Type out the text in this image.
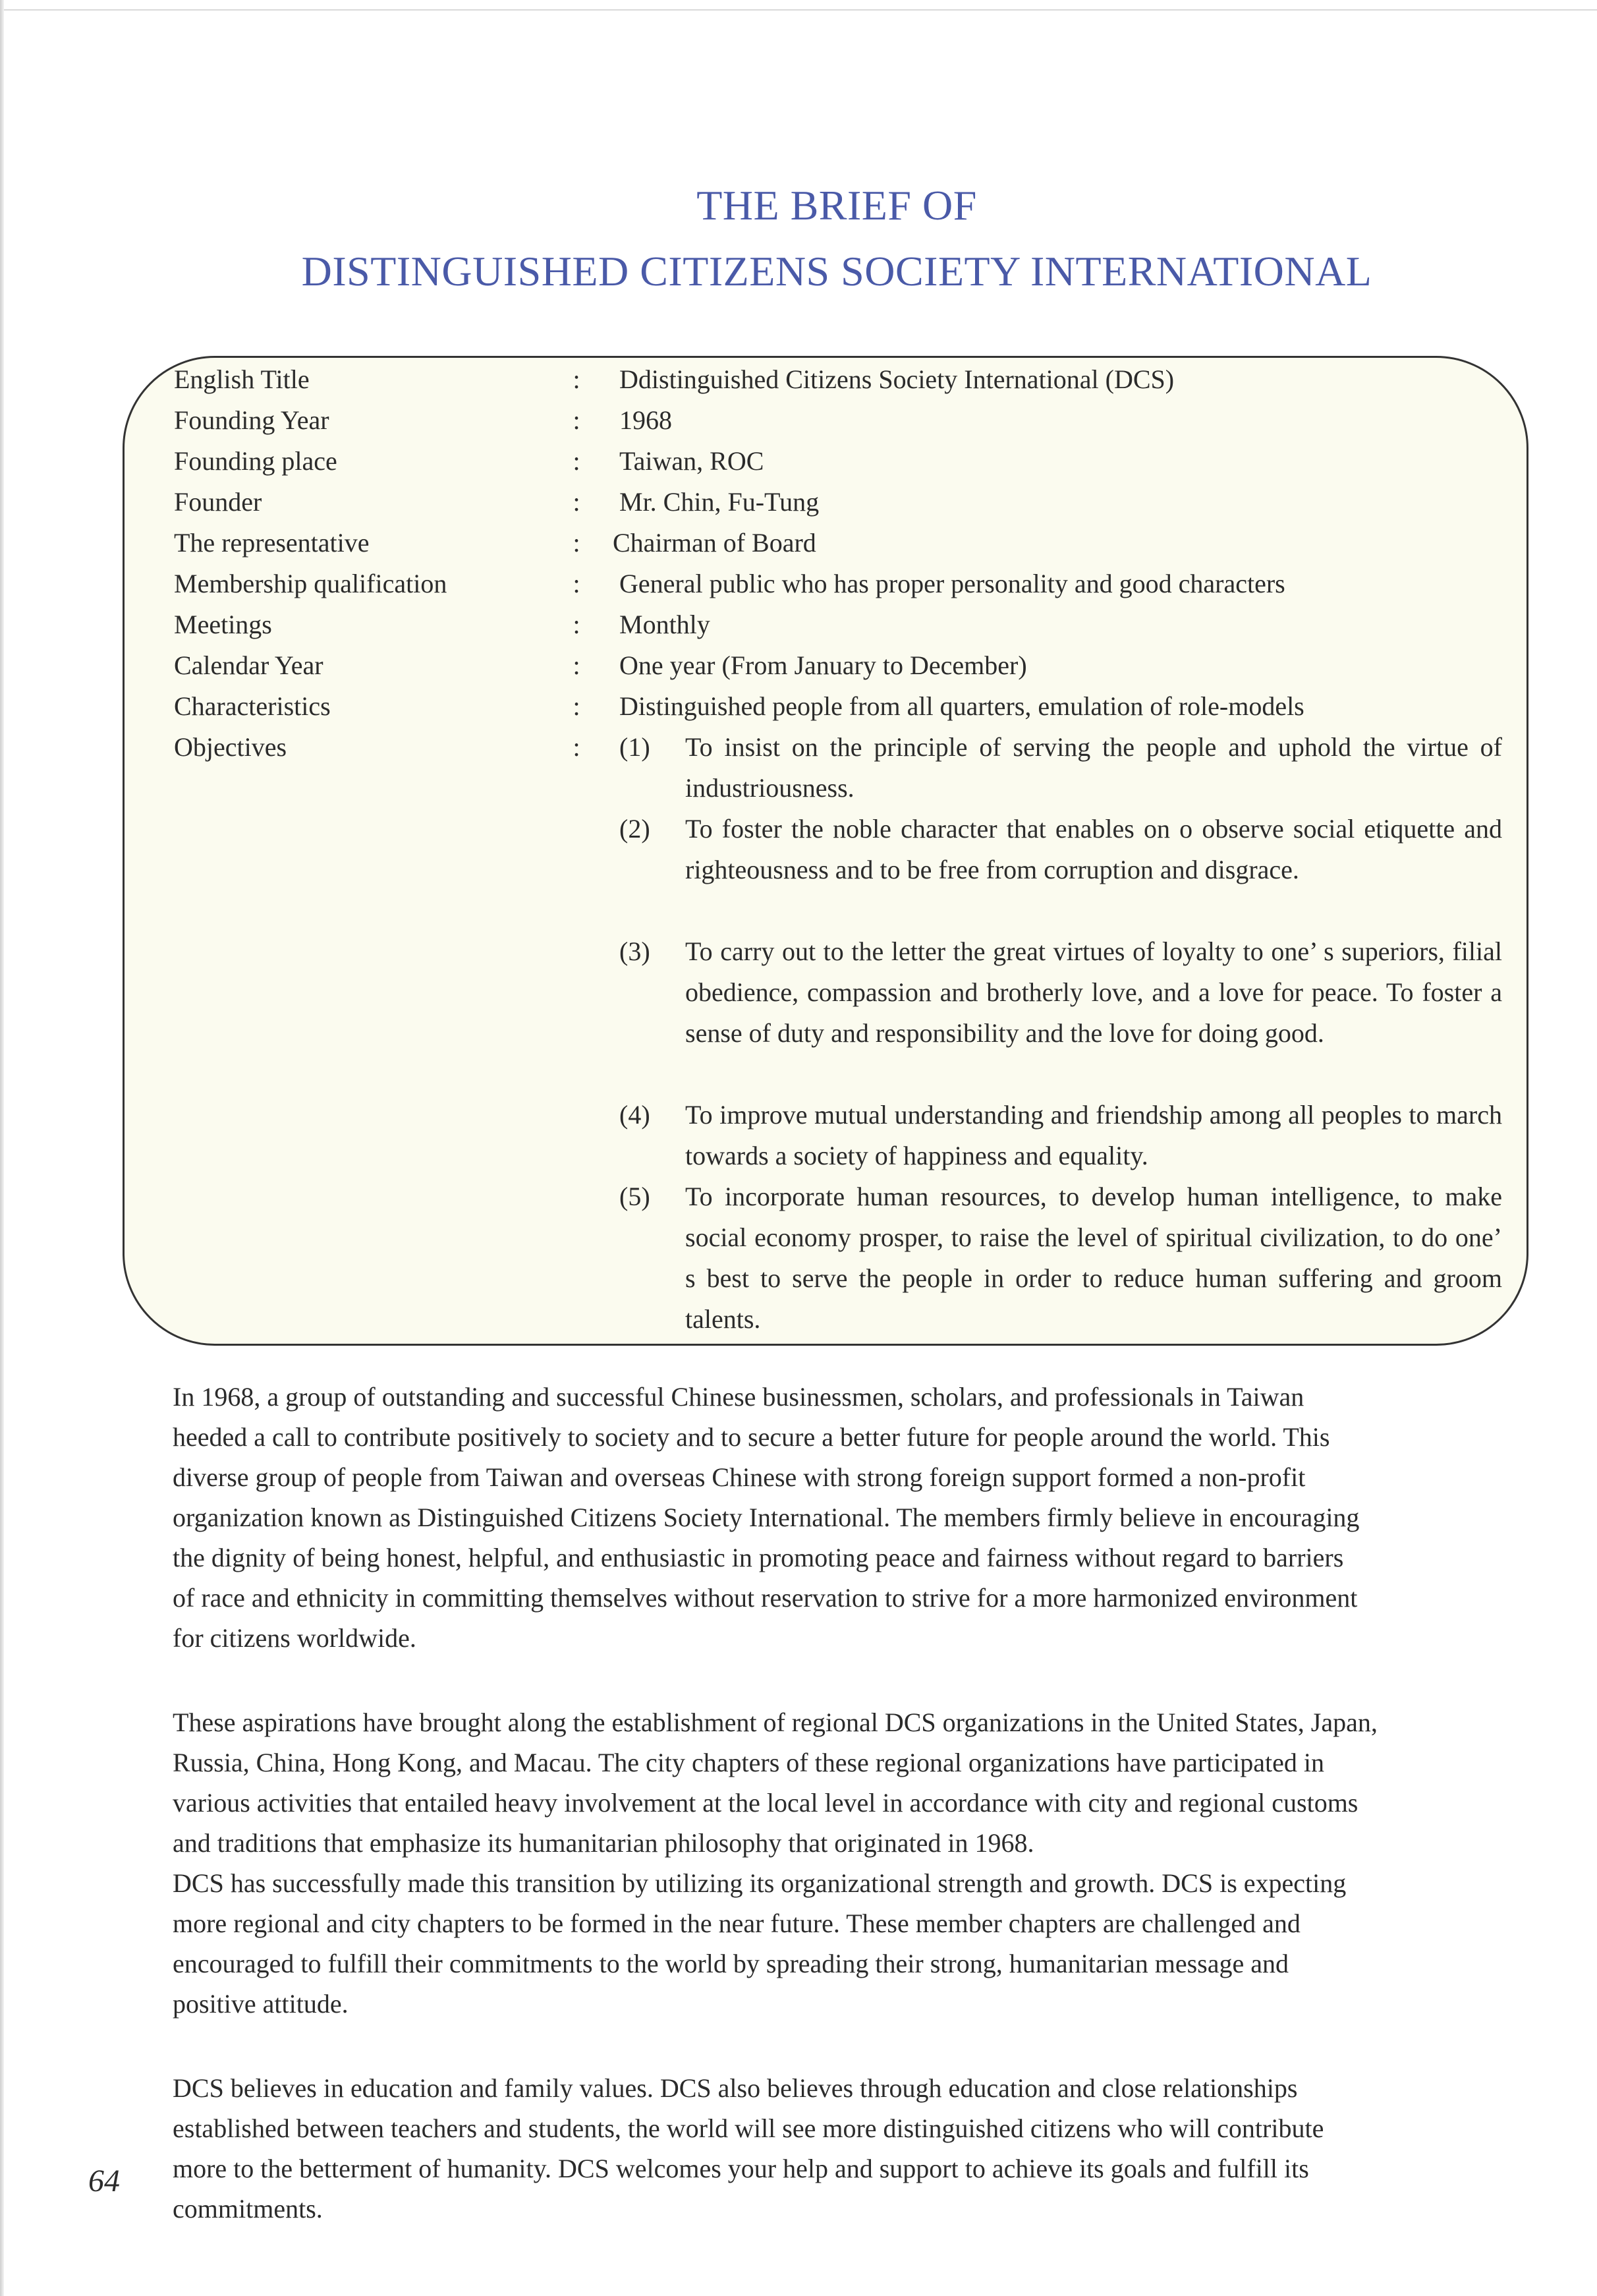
THE BRIEF OF
DISTINGUISHED CITIZENS SOCIETY INTERNATIONAL
English Title	: Ddistinguished Citizens Society International (DCS)
Founding Year	: 1968
Founding place	: Taiwan, ROC
Founder	: Mr. Chin, Fu-Tung
The representative	: Chairman of Board
Membership qualification	: General public who has proper personality and good characters
Meetings	: Monthly
Calendar Year	: One year (From January to December)
Characteristics	: Distinguished people from all quarters, emulation of role-models
Objectives	: (1)	To insist on the principle of serving the people and uphold the virtue of industriousness.
(2)	To foster the noble character that enables on o observe social etiquette and righteousness and to be free from corruption and disgrace.
(3)	To carry out to the letter the great virtues of loyalty to one’ s superiors, filial obedience, compassion and brotherly love, and a love for peace. To foster a sense of duty and responsibility and the love for doing good.
(4)	To improve mutual understanding and friendship among all peoples to march towards a society of happiness and equality.
(5)	To incorporate human resources, to develop human intelligence, to make social economy prosper, to raise the level of spiritual civilization, to do one’ s best to serve the people in order to reduce human suffering and groom talents.
In 1968, a group of outstanding and successful Chinese businessmen, scholars, and professionals in Taiwan
heeded a call to contribute positively to society and to secure a better future for people around the world. This
diverse group of people from Taiwan and overseas Chinese with strong foreign support formed a non-profit
organization known as Distinguished Citizens Society International. The members firmly believe in encouraging
the dignity of being honest, helpful, and enthusiastic in promoting peace and fairness without regard to barriers
of race and ethnicity in committing themselves without reservation to strive for a more harmonized environment
for citizens worldwide.
These aspirations have brought along the establishment of regional DCS organizations in the United States, Japan,
Russia, China, Hong Kong, and Macau. The city chapters of these regional organizations have participated in
various activities that entailed heavy involvement at the local level in accordance with city and regional customs
and traditions that emphasize its humanitarian philosophy that originated in 1968.
DCS has successfully made this transition by utilizing its organizational strength and growth. DCS is expecting
more regional and city chapters to be formed in the near future. These member chapters are challenged and
encouraged to fulfill their commitments to the world by spreading their strong, humanitarian message and
positive attitude.
DCS believes in education and family values. DCS also believes through education and close relationships
established between teachers and students, the world will see more distinguished citizens who will contribute
more to the betterment of humanity. DCS welcomes your help and support to achieve its goals and fulfill its
commitments.
64
